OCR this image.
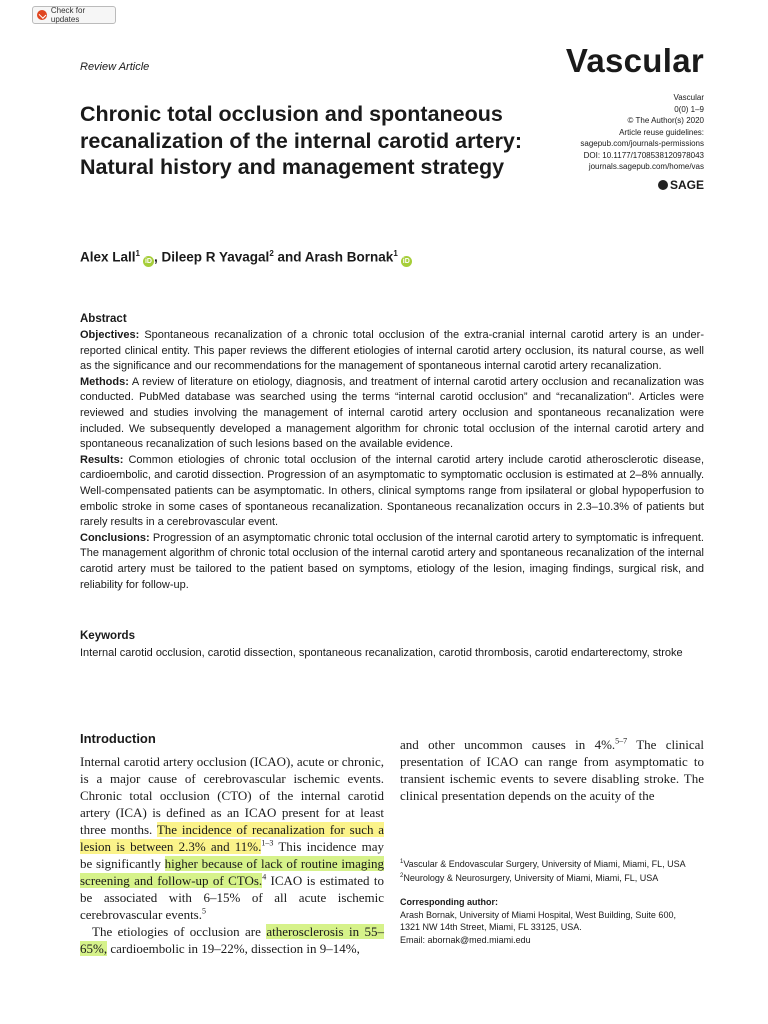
Check for updates
Review Article	Vascular
Chronic total occlusion and spontaneous recanalization of the internal carotid artery: Natural history and management strategy
Vascular
0(0) 1–9
© The Author(s) 2020
Article reuse guidelines:
sagepub.com/journals-permissions
DOI: 10.1177/1708538120978043
journals.sagepub.com/home/vas
SAGE
Alex Lall$^1$iD , Dileep R Yavagal$^2$ and Arash Bornak$^1$iD
Abstract

Objectives: Spontaneous recanalization of a chronic total occlusion of the extra-cranial internal carotid artery is an under-reported clinical entity. This paper reviews the different etiologies of internal carotid artery occlusion, its natural course, as well as the significance and our recommendations for the management of spontaneous internal carotid artery recanalization.

Methods: A review of literature on etiology, diagnosis, and treatment of internal carotid artery occlusion and recanalization was conducted. PubMed database was searched using the terms “internal carotid occlusion” and “recanalization”. Articles were reviewed and studies involving the management of internal carotid artery occlusion and spontaneous recanalization were included. We subsequently developed a management algorithm for chronic total occlusion of the internal carotid artery and spontaneous recanalization of such lesions based on the available evidence.

Results: Common etiologies of chronic total occlusion of the internal carotid artery include carotid atherosclerotic disease, cardioembolic, and carotid dissection. Progression of an asymptomatic to symptomatic occlusion is estimated at 2–8% annually. Well-compensated patients can be asymptomatic. In others, clinical symptoms range from ipsilateral or global hypoperfusion to embolic stroke in some cases of spontaneous recanalization. Spontaneous recanalization occurs in 2.3–10.3% of patients but rarely results in a cerebrovascular event.

Conclusions: Progression of an asymptomatic chronic total occlusion of the internal carotid artery to symptomatic is infrequent. The management algorithm of chronic total occlusion of the internal carotid artery and spontaneous recanalization of the internal carotid artery must be tailored to the patient based on symptoms, etiology of the lesion, imaging findings, surgical risk, and reliability for follow-up.

Keywords
Internal carotid occlusion, carotid dissection, spontaneous recanalization, carotid thrombosis, carotid endarterectomy, stroke
Introduction

Internal carotid artery occlusion (ICAO), acute or chronic, is a major cause of cerebrovascular ischemic events. Chronic total occlusion (CTO) of the internal carotid artery (ICA) is defined as an ICAO present for at least three months. The incidence of recanalization for such a lesion is between 2.3% and 11%.$^{1-3}$ This incidence may be significantly higher because of lack of routine imaging screening and follow-up of CTOs.$^4$ ICAO is estimated to be associated with 6–15% of all acute ischemic cerebrovascular events.$^5$

The etiologies of occlusion are atherosclerosis in 55–65%, cardioembolic in 19–22%, dissection in 9–14%,

and other uncommon causes in 4%.$^{5-7}$ The clinical presentation of ICAO can range from asymptomatic to transient ischemic events to severe disabling stroke. The clinical presentation depends on the acuity of the

$^1$Vascular & Endovascular Surgery, University of Miami, Miami, FL, USA
$^2$Neurology & Neurosurgery, University of Miami, Miami, FL, USA
Corresponding author:
Arash Bornak, University of Miami Hospital, West Building, Suite 600,
1321 NW 14th Street, Miami, FL 33125, USA.
Email: abornak@med.miami.edu
